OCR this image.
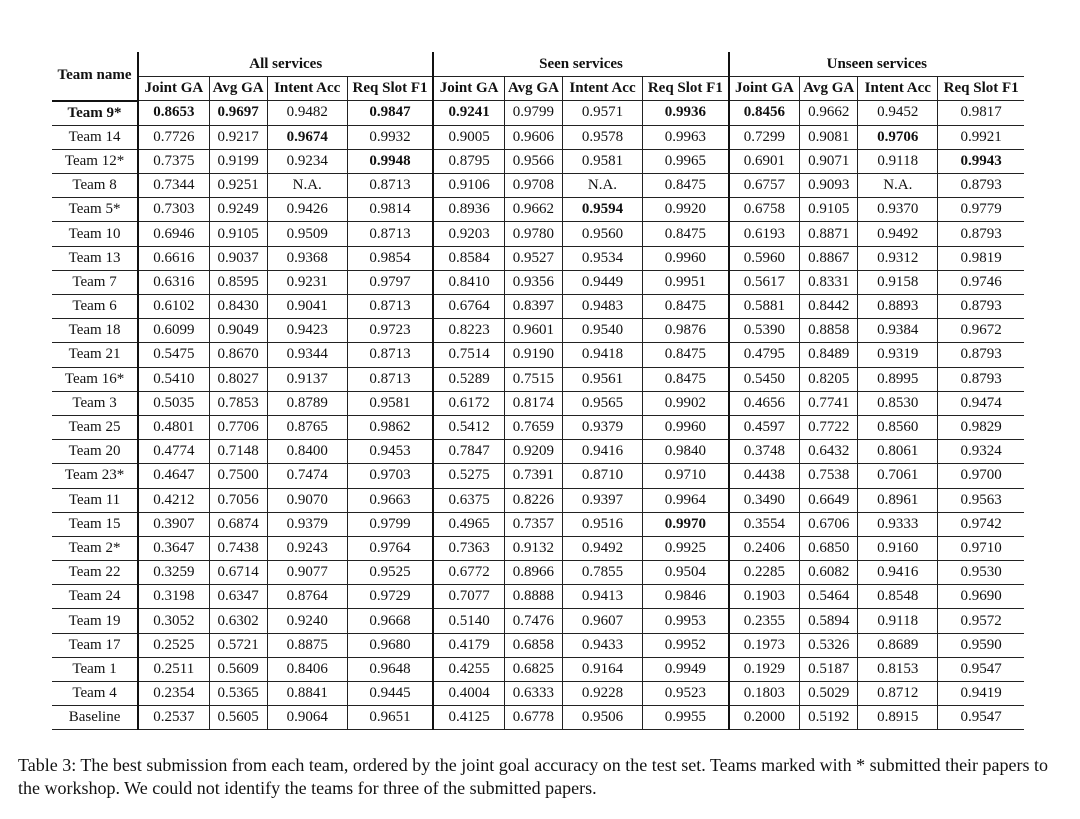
Team name	All services				Seen services				Unseen services			
	Joint GA	Avg GA	Intent Acc	Req Slot F1	Joint GA	Avg GA	Intent Acc	Req Slot F1	Joint GA	Avg GA	Intent Acc	Req Slot F1
Team 9*	0.8653	0.9697	0.9482	0.9847	0.9241	0.9799	0.9571	0.9936	0.8456	0.9662	0.9452	0.9817
Team 14	0.7726	0.9217	0.9674	0.9932	0.9005	0.9606	0.9578	0.9963	0.7299	0.9081	0.9706	0.9921
Team 12*	0.7375	0.9199	0.9234	0.9948	0.8795	0.9566	0.9581	0.9965	0.6901	0.9071	0.9118	0.9943
Team 8	0.7344	0.9251	N.A.	0.8713	0.9106	0.9708	N.A.	0.8475	0.6757	0.9093	N.A.	0.8793
Team 5*	0.7303	0.9249	0.9426	0.9814	0.8936	0.9662	0.9594	0.9920	0.6758	0.9105	0.9370	0.9779
Team 10	0.6946	0.9105	0.9509	0.8713	0.9203	0.9780	0.9560	0.8475	0.6193	0.8871	0.9492	0.8793
Team 13	0.6616	0.9037	0.9368	0.9854	0.8584	0.9527	0.9534	0.9960	0.5960	0.8867	0.9312	0.9819
Team 7	0.6316	0.8595	0.9231	0.9797	0.8410	0.9356	0.9449	0.9951	0.5617	0.8331	0.9158	0.9746
Team 6	0.6102	0.8430	0.9041	0.8713	0.6764	0.8397	0.9483	0.8475	0.5881	0.8442	0.8893	0.8793
Team 18	0.6099	0.9049	0.9423	0.9723	0.8223	0.9601	0.9540	0.9876	0.5390	0.8858	0.9384	0.9672
Team 21	0.5475	0.8670	0.9344	0.8713	0.7514	0.9190	0.9418	0.8475	0.4795	0.8489	0.9319	0.8793
Team 16*	0.5410	0.8027	0.9137	0.8713	0.5289	0.7515	0.9561	0.8475	0.5450	0.8205	0.8995	0.8793
Team 3	0.5035	0.7853	0.8789	0.9581	0.6172	0.8174	0.9565	0.9902	0.4656	0.7741	0.8530	0.9474
Team 25	0.4801	0.7706	0.8765	0.9862	0.5412	0.7659	0.9379	0.9960	0.4597	0.7722	0.8560	0.9829
Team 20	0.4774	0.7148	0.8400	0.9453	0.7847	0.9209	0.9416	0.9840	0.3748	0.6432	0.8061	0.9324
Team 23*	0.4647	0.7500	0.7474	0.9703	0.5275	0.7391	0.8710	0.9710	0.4438	0.7538	0.7061	0.9700
Team 11	0.4212	0.7056	0.9070	0.9663	0.6375	0.8226	0.9397	0.9964	0.3490	0.6649	0.8961	0.9563
Team 15	0.3907	0.6874	0.9379	0.9799	0.4965	0.7357	0.9516	0.9970	0.3554	0.6706	0.9333	0.9742
Team 2*	0.3647	0.7438	0.9243	0.9764	0.7363	0.9132	0.9492	0.9925	0.2406	0.6850	0.9160	0.9710
Team 22	0.3259	0.6714	0.9077	0.9525	0.6772	0.8966	0.7855	0.9504	0.2285	0.6082	0.9416	0.9530
Team 24	0.3198	0.6347	0.8764	0.9729	0.7077	0.8888	0.9413	0.9846	0.1903	0.5464	0.8548	0.9690
Team 19	0.3052	0.6302	0.9240	0.9668	0.5140	0.7476	0.9607	0.9953	0.2355	0.5894	0.9118	0.9572
Team 17	0.2525	0.5721	0.8875	0.9680	0.4179	0.6858	0.9433	0.9952	0.1973	0.5326	0.8689	0.9590
Team 1	0.2511	0.5609	0.8406	0.9648	0.4255	0.6825	0.9164	0.9949	0.1929	0.5187	0.8153	0.9547
Team 4	0.2354	0.5365	0.8841	0.9445	0.4004	0.6333	0.9228	0.9523	0.1803	0.5029	0.8712	0.9419
Baseline	0.2537	0.5605	0.9064	0.9651	0.4125	0.6778	0.9506	0.9955	0.2000	0.5192	0.8915	0.9547
Table 3: The best submission from each team, ordered by the joint goal accuracy on the test set. Teams marked with * submitted their papers to the workshop. We could not identify the teams for three of the submitted papers.
